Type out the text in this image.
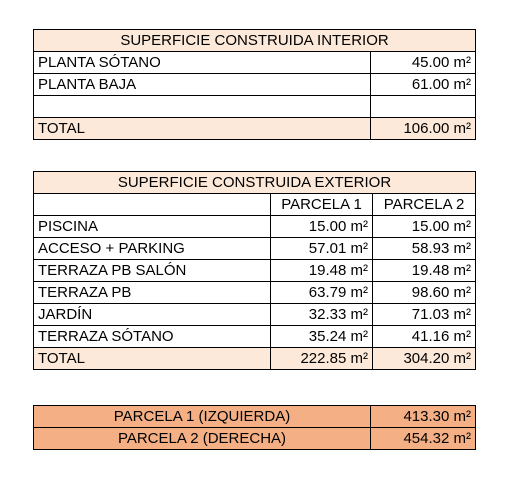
SUPERFICIE CONSTRUIDA INTERIOR	
PLANTA SÓTANO	45.00 m²
PLANTA BAJA	61.00 m²

TOTAL	106.00 m²
SUPERFICIE CONSTRUIDA EXTERIOR		
	PARCELA 1	PARCELA 2
PISCINA	15.00 m²	15.00 m²
ACCESO + PARKING	57.01 m²	58.93 m²
TERRAZA PB SALÓN	19.48 m²	19.48 m²
TERRAZA PB	63.79 m²	98.60 m²
JARDÍN	32.33 m²	71.03 m²
TERRAZA SÓTANO	35.24 m²	41.16 m²
TOTAL	222.85 m²	304.20 m²
PARCELA 1 (IZQUIERDA)	413.30 m²
PARCELA 2 (DERECHA)	454.32 m²
